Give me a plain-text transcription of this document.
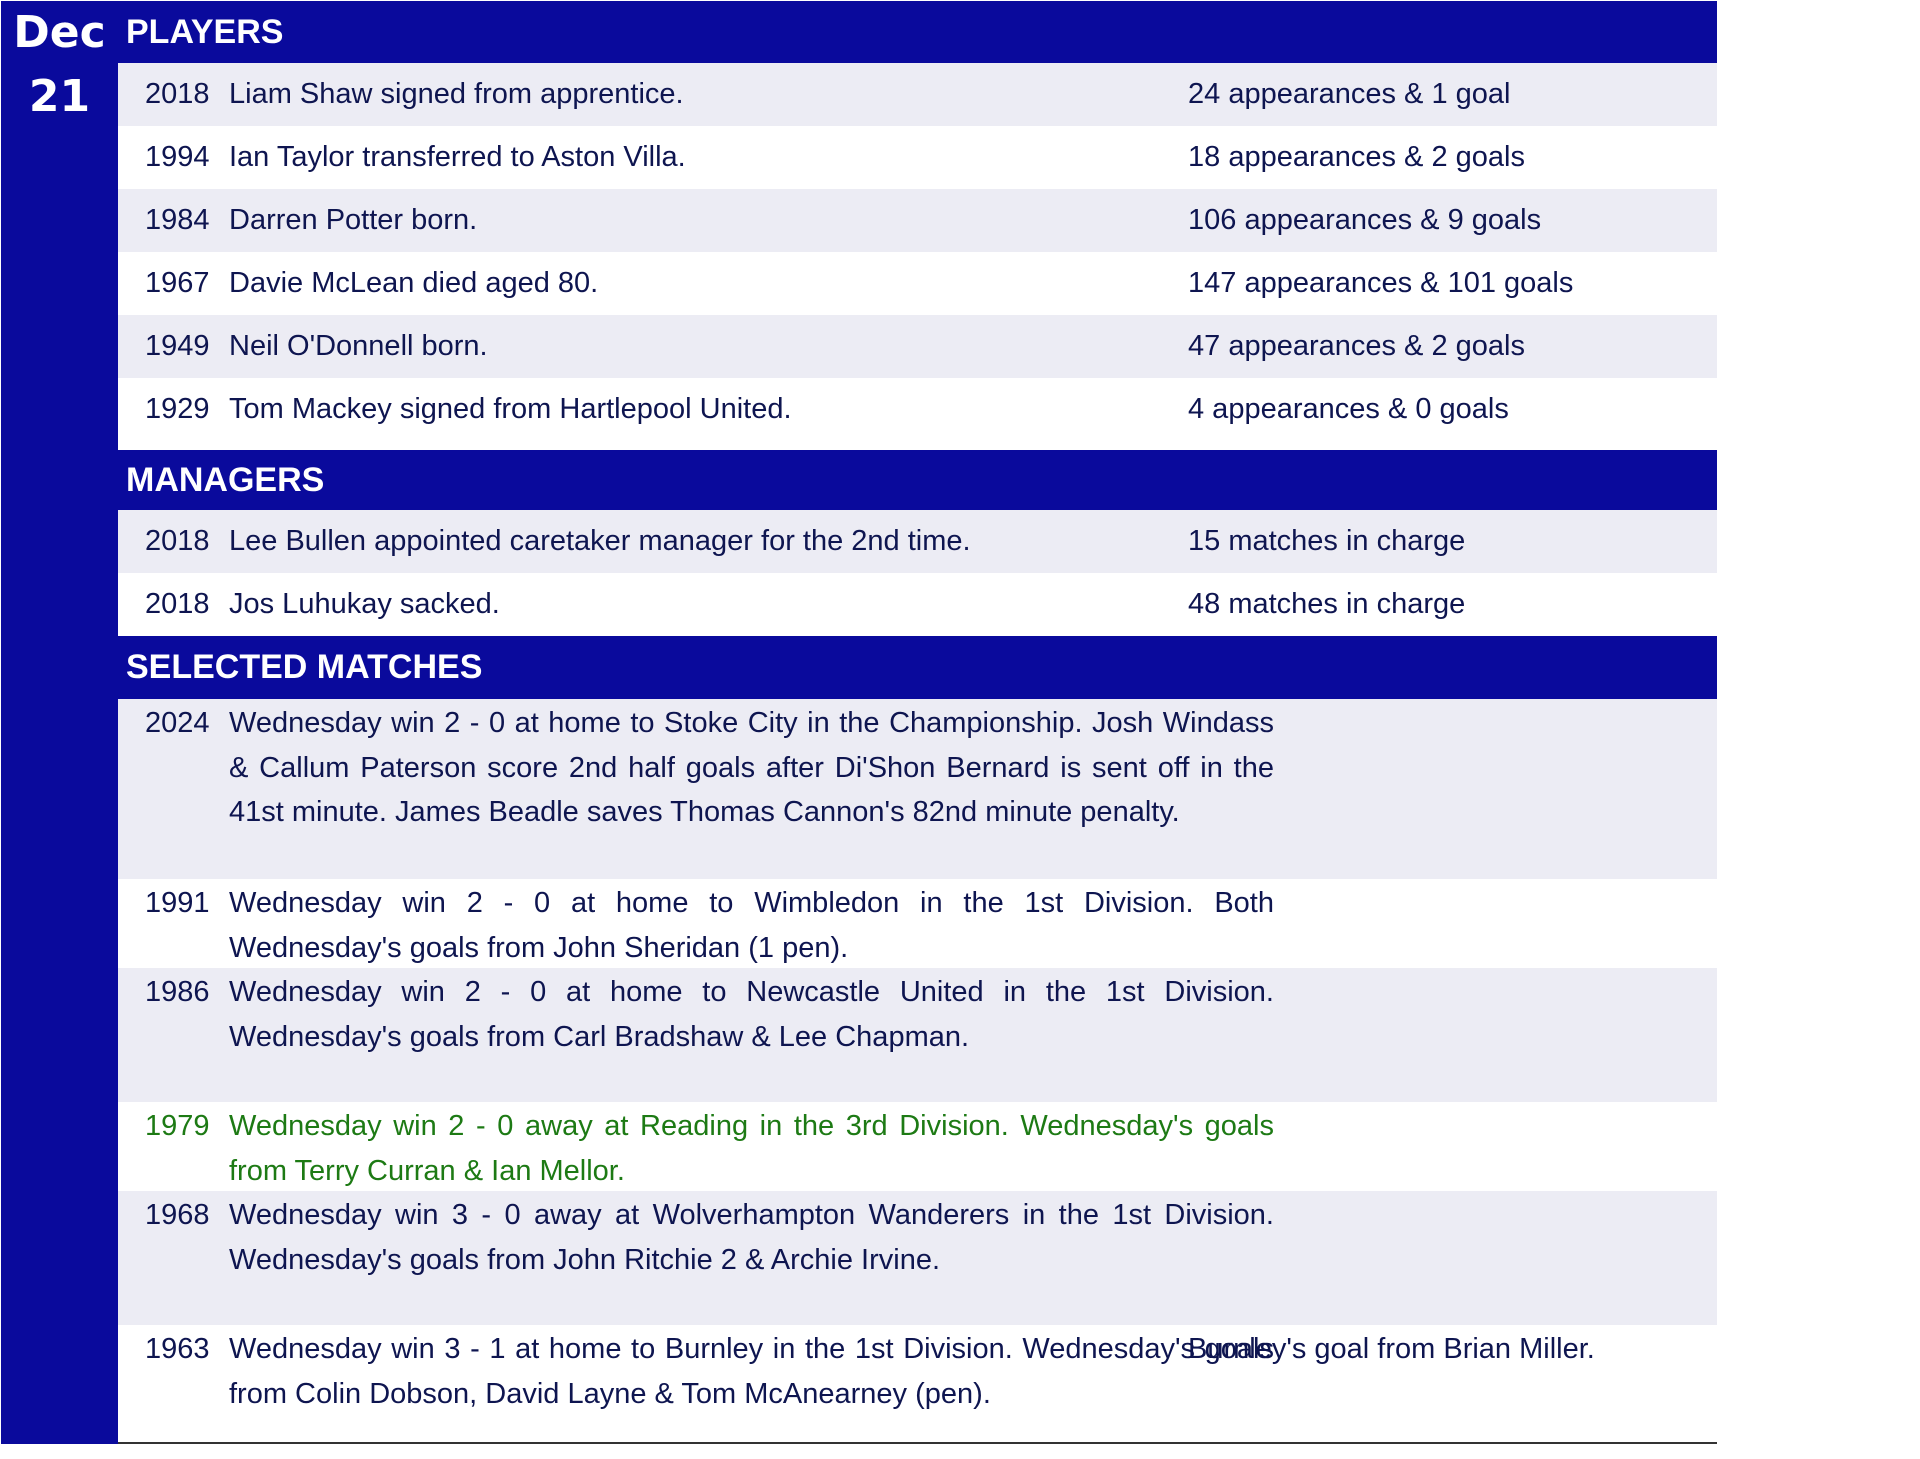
Dec
21
PLAYERS
2018 Liam Shaw signed from apprentice.	24 appearances & 1 goal
1994 Ian Taylor transferred to Aston Villa.	18 appearances & 2 goals
1984 Darren Potter born.	106 appearances & 9 goals
1967 Davie McLean died aged 80.	147 appearances & 101 goals
1949 Neil O'Donnell born.	47 appearances & 2 goals
1929 Tom Mackey signed from Hartlepool United.	4 appearances & 0 goals
MANAGERS
2018 Lee Bullen appointed caretaker manager for the 2nd time.	15 matches in charge
2018 Jos Luhukay sacked.	48 matches in charge
SELECTED MATCHES
2024 Wednesday win 2 - 0 at home to Stoke City in the Championship. Josh Windass & Callum Paterson score 2nd half goals after Di'Shon Bernard is sent off in the 41st minute. James Beadle saves Thomas Cannon's 82nd minute penalty.
1991 Wednesday win 2 - 0 at home to Wimbledon in the 1st Division. Both Wednesday's goals from John Sheridan (1 pen).
1986 Wednesday win 2 - 0 at home to Newcastle United in the 1st Division. Wednesday's goals from Carl Bradshaw & Lee Chapman.
1979 Wednesday win 2 - 0 away at Reading in the 3rd Division. Wednesday's goals from Terry Curran & Ian Mellor.
1968 Wednesday win 3 - 0 away at Wolverhampton Wanderers in the 1st Division. Wednesday's goals from John Ritchie 2 & Archie Irvine.
1963 Wednesday win 3 - 1 at home to Burnley in the 1st Division. Wednesday's goals from Colin Dobson, David Layne & Tom McAnearney (pen).
Burnley's goal from Brian Miller.
